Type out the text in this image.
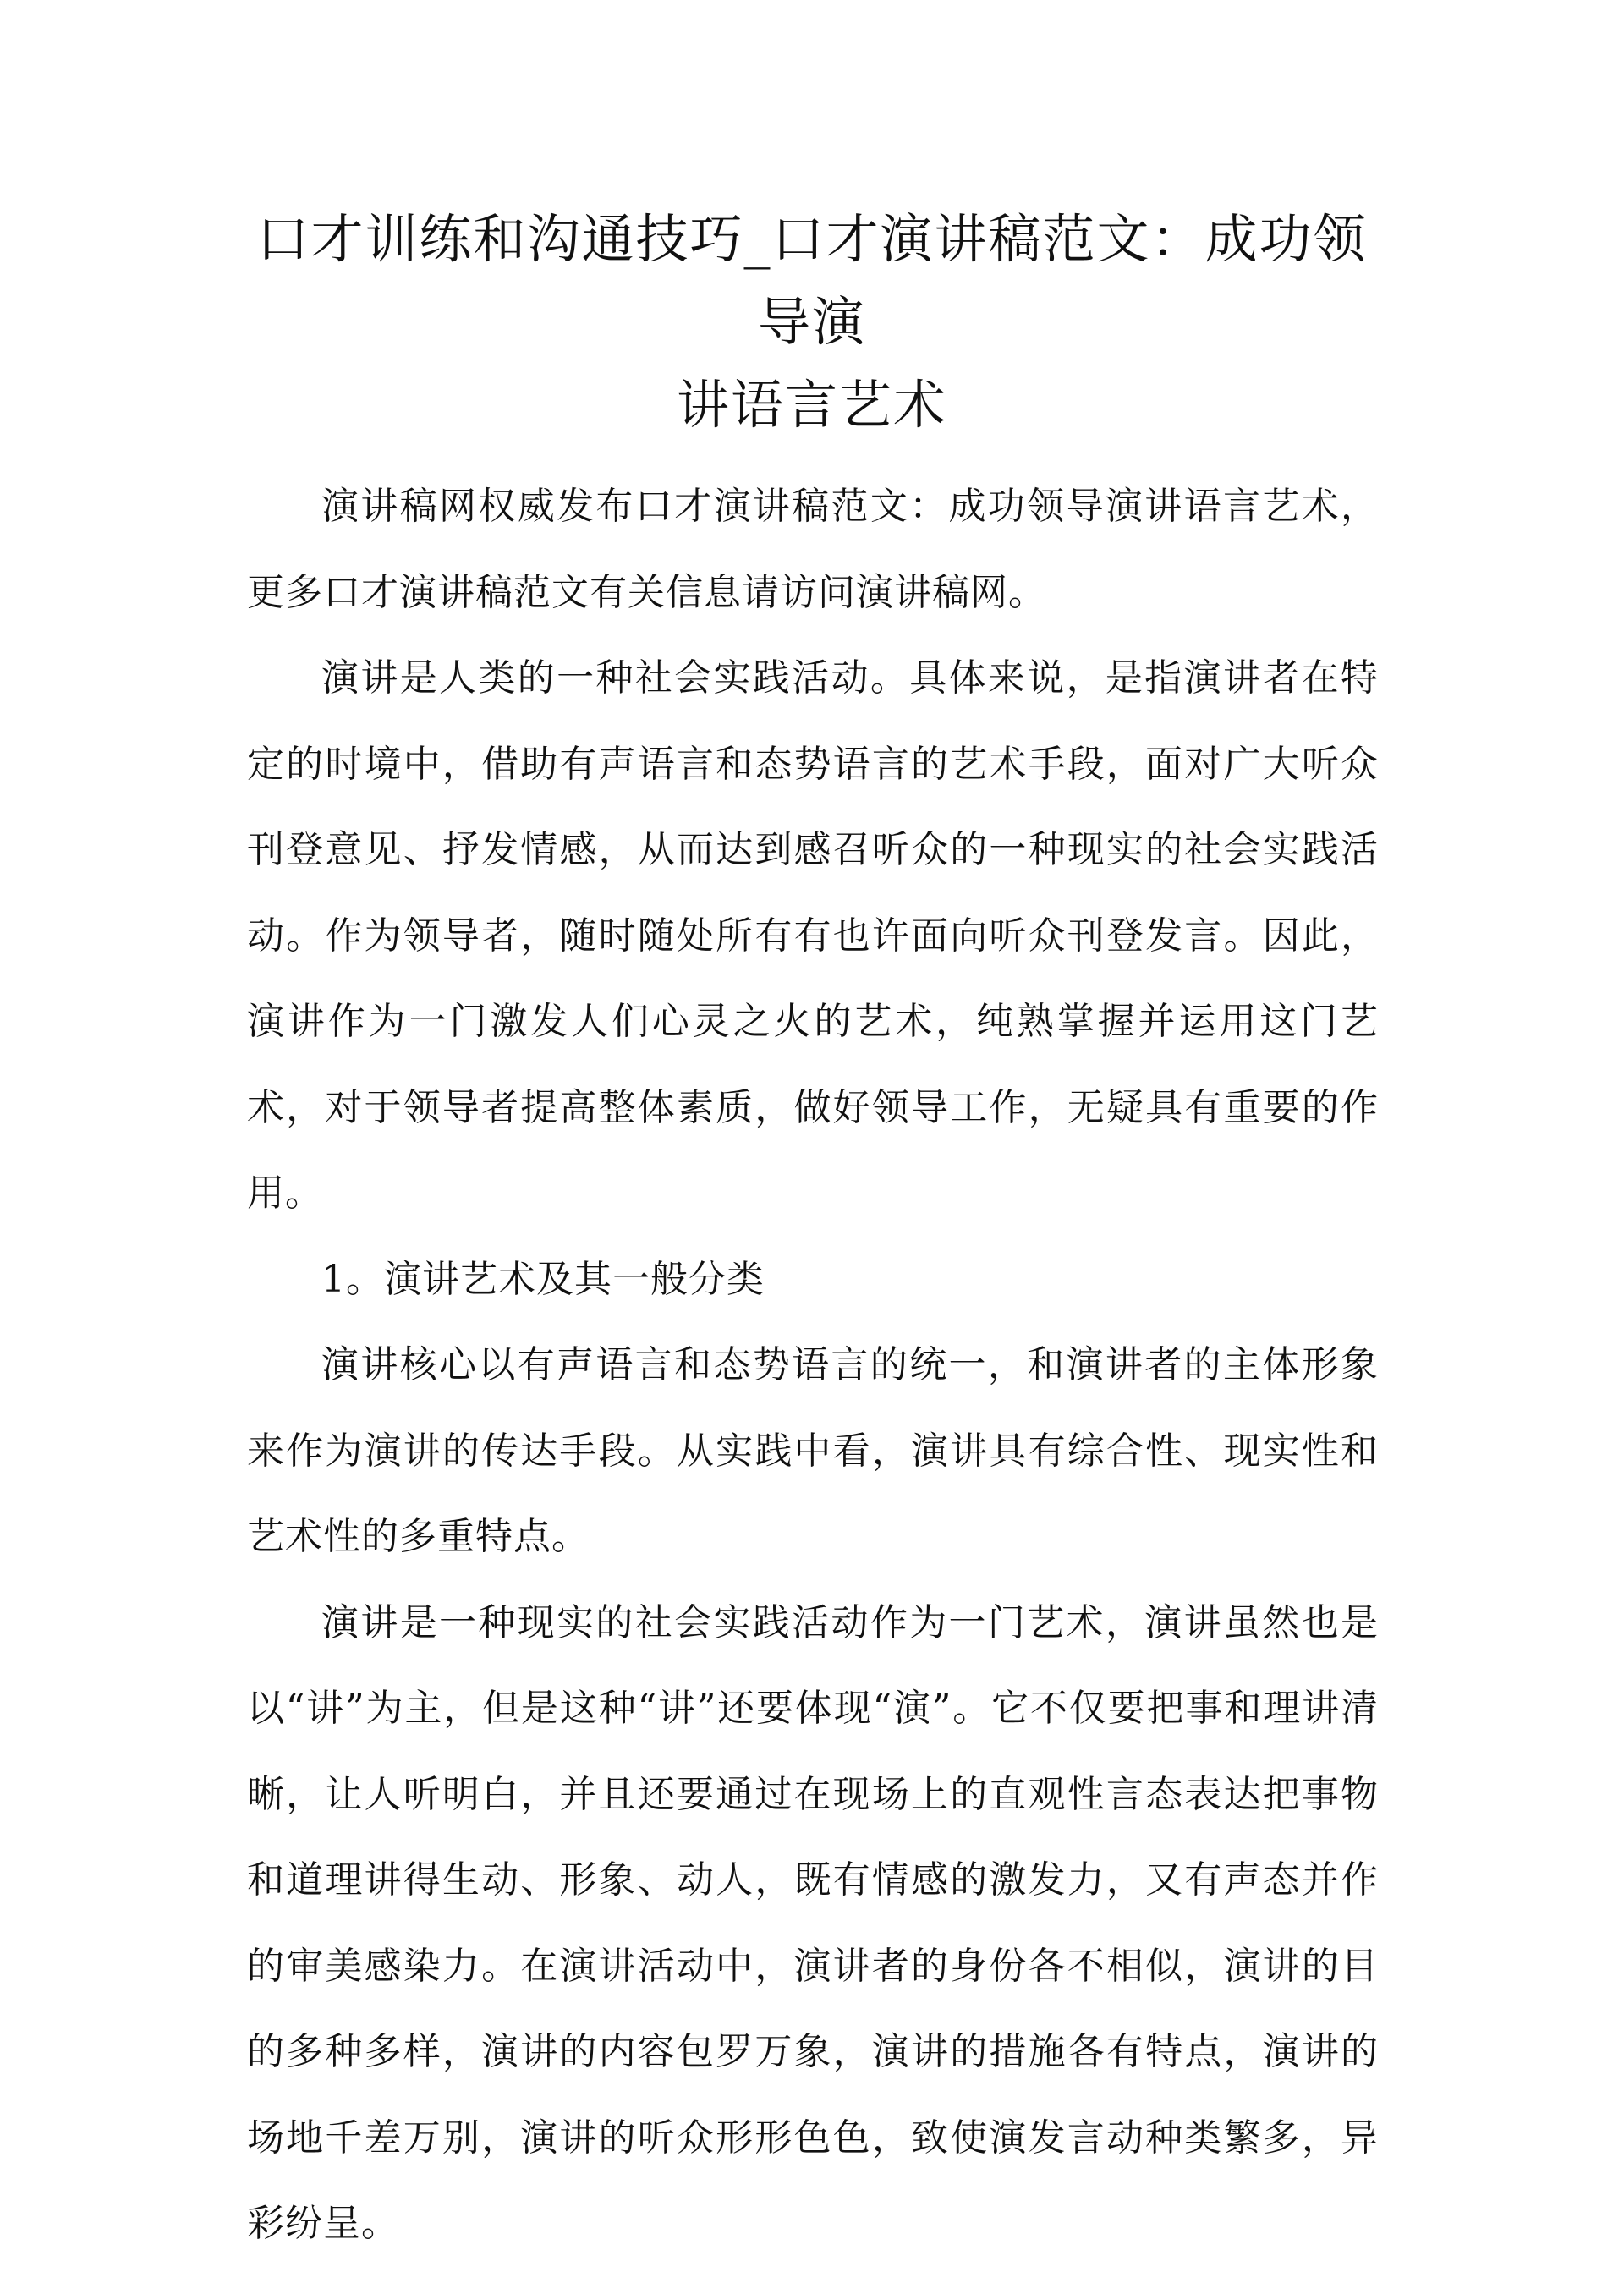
口才训练和沟通技巧_口才演讲稿范文：成功领导演
讲语言艺术

演讲稿网权威发布口才演讲稿范文：成功领导演讲语言艺术，更多口才演讲稿范文有关信息请访问演讲稿网。

演讲是人类的一种社会实践活动。具体来说，是指演讲者在特定的时境中，借助有声语言和态势语言的艺术手段，面对广大听众刊登意见、抒发情感，从而达到感召听众的一种现实的社会实践活动。作为领导者，随时随处所有有也许面向听众刊登发言。因此，演讲作为一门激发人们心灵之火的艺术，纯熟掌握并运用这门艺术，对于领导者提高整体素质，做好领导工作，无疑具有重要的作用。

1。演讲艺术及其一般分类

演讲核心以有声语言和态势语言的统一，和演讲者的主体形象来作为演讲的传达手段。从实践中看，演讲具有综合性、现实性和艺术性的多重特点。

演讲是一种现实的社会实践活动作为一门艺术，演讲虽然也是以“讲”为主，但是这种“讲”还要体现“演”。它不仅要把事和理讲清晰，让人听明白，并且还要通过在现场上的直观性言态表达把事物和道理讲得生动、形象、动人，既有情感的激发力，又有声态并作的审美感染力。在演讲活动中，演讲者的身份各不相似，演讲的目的多种多样，演讲的内容包罗万象，演讲的措施各有特点，演讲的场地千差万别，演讲的听众形形色色，致使演发言动种类繁多，异彩纷呈。
